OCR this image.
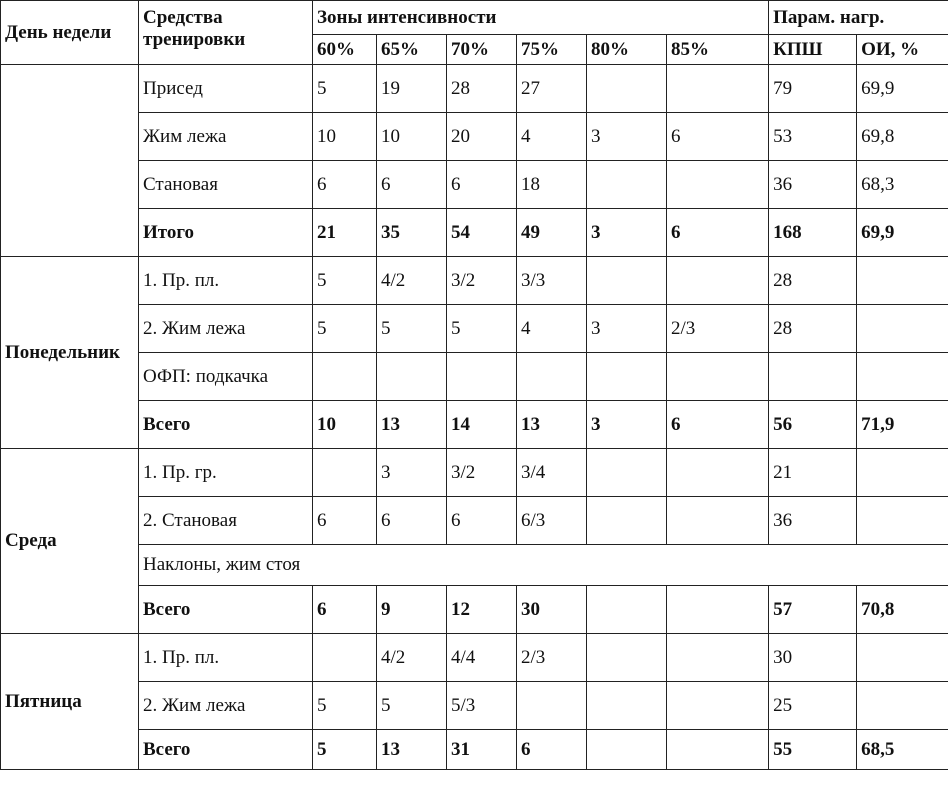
День недели	Средства тренировки	Зоны интенсивности						Парам. нагр.	
		60%	65%	70%	75%	80%	85%	КПШ	ОИ, %
	Присед	5	19	28	27			79	69,9
	Жим лежа	10	10	20	4	3	6	53	69,8
	Становая	6	6	6	18			36	68,3
	Итого	21	35	54	49	3	6	168	69,9
Понедельник	1. Пр. пл.	5	4/2	3/2	3/3			28	
	2. Жим лежа	5	5	5	4	3	2/3	28	
	ОФП: подкачка								
	Всего	10	13	14	13	3	6	56	71,9
Среда	1. Пр. гр.		3	3/2	3/4			21	
	2. Становая	6	6	6	6/3			36	
	Наклоны, жим стоя								
	Всего	6	9	12	30			57	70,8
Пятница	1. Пр. пл.		4/2	4/4	2/3			30	
	2. Жим лежа	5	5	5/3				25	
	Всего	5	13	31	6			55	68,5
